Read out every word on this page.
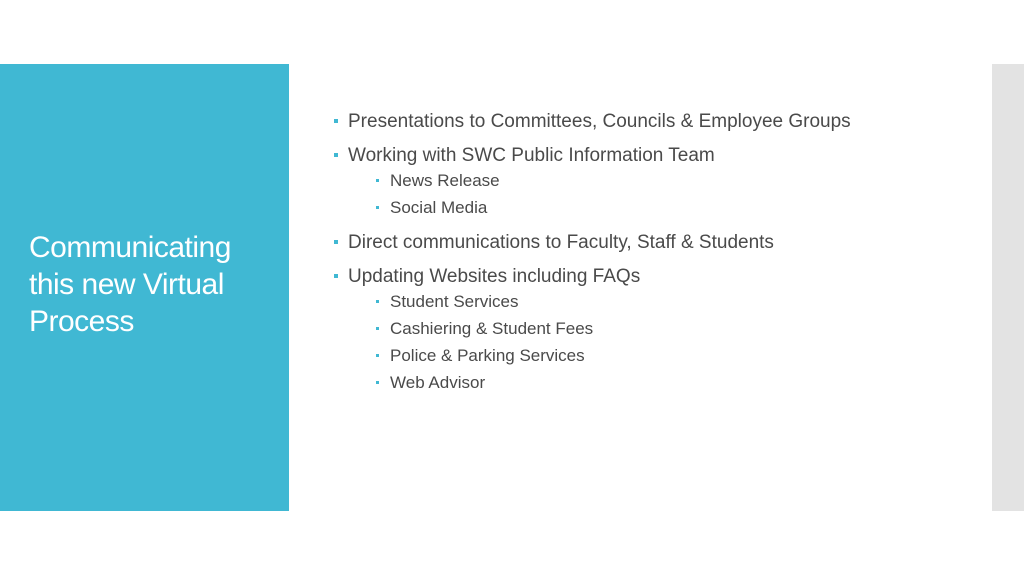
Communicating this new Virtual Process
Presentations to Committees, Councils & Employee Groups
Working with SWC Public Information Team
News Release
Social Media
Direct communications to Faculty, Staff & Students
Updating Websites including FAQs
Student Services
Cashiering & Student Fees
Police & Parking Services
Web Advisor
